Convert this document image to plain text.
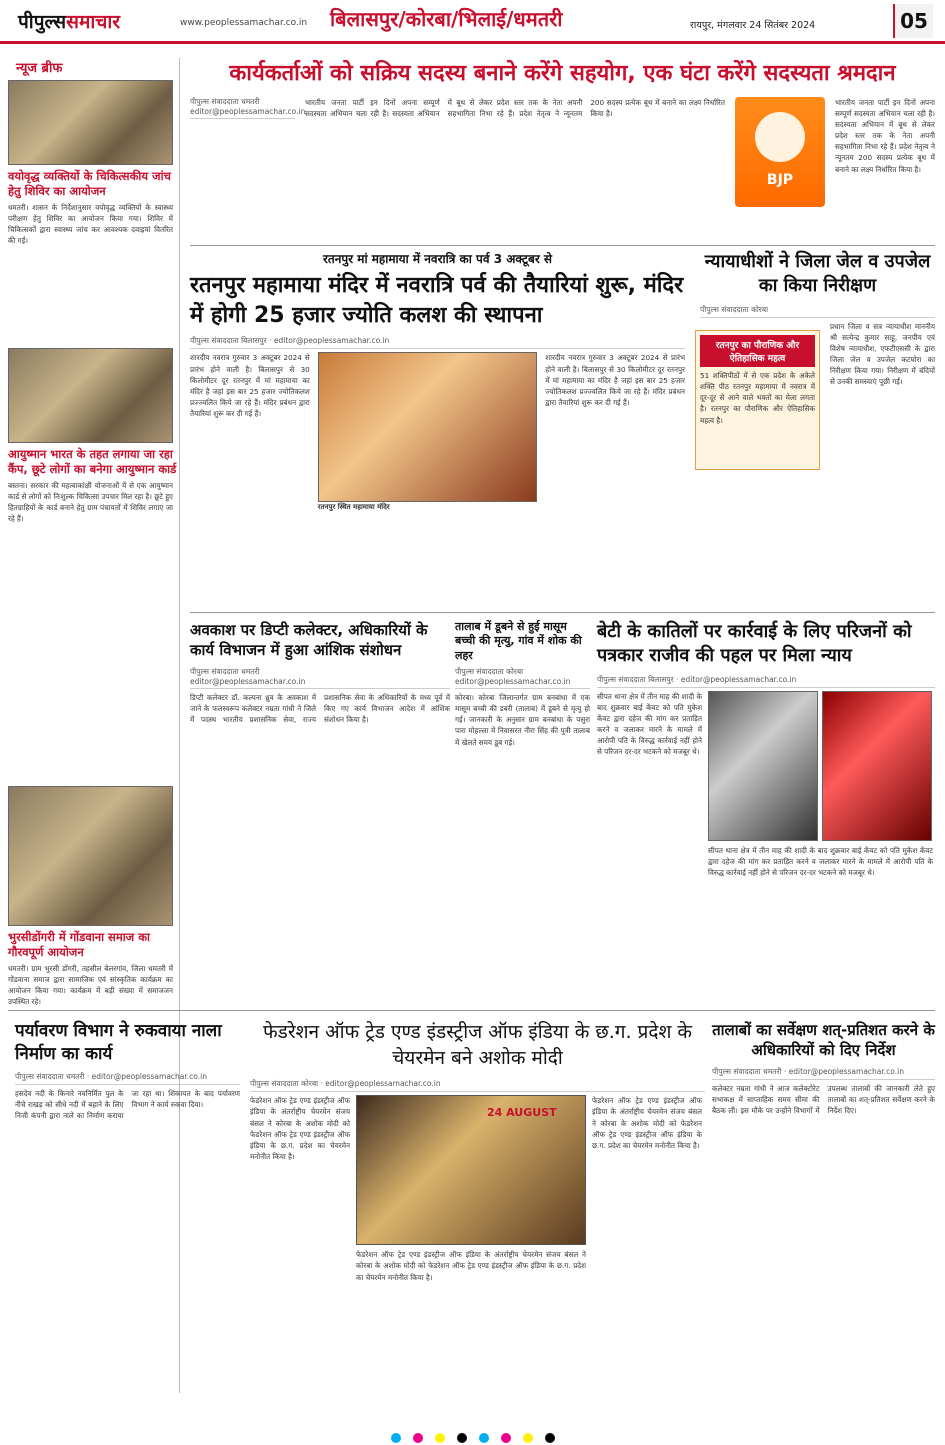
पीपुल्ससमाचार	www.peoplessamachar.co.in बिलासपुर/कोरबा/भिलाई/धमतरी	रायपुर, मंगलवार 24 सितंबर 2024	05
न्यूज ब्रीफ
वयोवृद्ध व्यक्तियों के चिकित्सकीय जांच हेतु शिविर का आयोजन
धमतरी। शासन के निर्देशानुसार वयोवृद्ध व्यक्तियों के स्वास्थ्य परीक्षण हेतु शिविर का आयोजन किया गया। शिविर में चिकित्सकों द्वारा स्वास्थ्य जांच कर आवश्यक दवाइयां वितरित की गईं।
आयुष्मान भारत के तहत लगाया जा रहा कैंप, छूटे लोगों का बनेगा आयुष्मान कार्ड
बस्तना। सरकार की महत्वाकांक्षी योजनाओं में से एक आयुष्मान कार्ड से लोगों को निःशुल्क चिकित्सा उपचार मिल रहा है। छूटे हुए हितग्राहियों के कार्ड बनाने हेतु ग्राम पंचायतों में शिविर लगाए जा रहे हैं।
भुरसीडोंगरी में गोंडवाना समाज का गौरवपूर्ण आयोजन
धमतरी। ग्राम भुरसी डोंगरी, तहसील बेलरगांव, जिला धमतरी में गोंडवाना समाज द्वारा सामाजिक एवं सांस्कृतिक कार्यक्रम का आयोजन किया गया। कार्यक्रम में बड़ी संख्या में समाजजन उपस्थित रहे।
कार्यकर्ताओं को सक्रिय सदस्य बनाने करेंगे सहयोग, एक घंटा करेंगे सदस्यता श्रमदान
पीपुल्स संवाददाता धमतरी
editor@peoplessamachar.co.in
भारतीय जनता पार्टी इन दिनों अपना सम्पूर्ण सदस्यता अभियान चला रही है। सदस्यता अभियान में बूथ से लेकर प्रदेश स्तर तक के नेता अपनी सहभागिता निभा रहे हैं। प्रदेश नेतृत्व ने न्यूनतम 200 सदस्य प्रत्येक बूथ में बनाने का लक्ष्य निर्धारित किया है।
BJP
भारतीय जनता पार्टी इन दिनों अपना सम्पूर्ण सदस्यता अभियान चला रही है। सदस्यता अभियान में बूथ से लेकर प्रदेश स्तर तक के नेता अपनी सहभागिता निभा रहे हैं। प्रदेश नेतृत्व ने न्यूनतम 200 सदस्य प्रत्येक बूथ में बनाने का लक्ष्य निर्धारित किया है।
रतनपुर मां महामाया में नवरात्रि का पर्व 3 अक्टूबर से
रतनपुर महामाया मंदिर में नवरात्रि पर्व की तैयारियां शुरू, मंदिर में होगी 25 हजार ज्योति कलश की स्थापना
पीपुल्स संवाददाता बिलासपुर · editor@peoplessamachar.co.in
शारदीय नवरात्र गुरुवार 3 अक्टूबर 2024 से प्रारंभ होने वाली है। बिलासपुर से 30 किलोमीटर दूर रतनपुर में मां महामाया का मंदिर है जहां इस बार 25 हजार ज्योतिकलश प्रज्ज्वलित किये जा रहे हैं। मंदिर प्रबंधन द्वारा तैयारियां शुरू कर दी गई हैं।
रतनपुर स्थित महामाया मंदिर
शारदीय नवरात्र गुरुवार 3 अक्टूबर 2024 से प्रारंभ होने वाली है। बिलासपुर से 30 किलोमीटर दूर रतनपुर में मां महामाया का मंदिर है जहां इस बार 25 हजार ज्योतिकलश प्रज्ज्वलित किये जा रहे हैं। मंदिर प्रबंधन द्वारा तैयारियां शुरू कर दी गई हैं।
रतनपुर का पौराणिक और ऐतिहासिक महत्व
51 शक्तिपीठों में से एक प्रदेश के अकेले शक्ति पीठ रतनपुर महामाया में नवरात्र में दूर-दूर से आने वाले भक्तों का मेला लगता है। रतनपुर का पौराणिक और ऐतिहासिक महत्व है।
न्यायाधीशों ने जिला जेल व उपजेल का किया निरीक्षण
पीपुल्स संवाददाता कोरबा
प्रधान जिला व सत्र न्यायाधीश माननीय श्री सत्येन्द्र कुमार साहू, जनपीय एवं विशेष न्यायाधीश, एफटीएससी के द्वारा जिला जेल व उपजेल कटघोरा का निरीक्षण किया गया। निरीक्षण में बंदियों से उनकी समस्याएं पूछी गईं।
अवकाश पर डिप्टी कलेक्टर, अधिकारियों के कार्य विभाजन में हुआ आंशिक संशोधन
पीपुल्स संवाददाता धमतरी
editor@peoplessamachar.co.in
डिप्टी कलेक्टर डॉ. कल्पना ध्रुव के अवकाश में जाने के फलस्वरूप कलेक्टर नम्रता गांधी ने जिले में पदस्थ भारतीय प्रशासनिक सेवा, राज्य प्रशासनिक सेवा के अधिकारियों के मध्य पूर्व में किए गए कार्य विभाजन आदेश में आंशिक संशोधन किया है।
तालाब में डूबने से हुई मासूम बच्ची की मृत्यु, गांव में शोक की लहर
पीपुल्स संवाददाता कोरबा
editor@peoplessamachar.co.in
कोरबा। कोरबा जिलान्तर्गत ग्राम बनबांधा में एक मासूम बच्ची की डबरी (तालाब) में डूबने से मृत्यु हो गई। जानकारी के अनुसार ग्राम बनबांधा के पसुरा पारा मोहल्ला में निवासरत नीरा सिंह की पुत्री तालाब में खेलते समय डूब गई।
बेटी के कातिलों पर कार्रवाई के लिए परिजनों को पत्रकार राजीव की पहल पर मिला न्याय
पीपुल्स संवाददाता बिलासपुर · editor@peoplessamachar.co.in
सीपत थाना क्षेत्र में तीन माह की शादी के बाद शुक्रवार बाई केंवट को पति मुकेश केंवट द्वारा दहेज की मांग कर प्रताड़ित करने व जलाकर मारने के मामले में आरोपी पति के विरुद्ध कार्रवाई नहीं होने से परिजन दर-दर भटकने को मजबूर थे।
सीपत थाना क्षेत्र में तीन माह की शादी के बाद शुक्रवार बाई केंवट को पति मुकेश केंवट द्वारा दहेज की मांग कर प्रताड़ित करने व जलाकर मारने के मामले में आरोपी पति के विरुद्ध कार्रवाई नहीं होने से परिजन दर-दर भटकने को मजबूर थे।
पर्यावरण विभाग ने रुकवाया नाला निर्माण का कार्य
पीपुल्स संवाददाता धमतरी · editor@peoplessamachar.co.in
हसदेव नदी के किनारे नवनिर्मित पुल के नीचे राखड़ को सीधे नदी में बहाने के लिए निजी कंपनी द्वारा नाले का निर्माण कराया जा रहा था। शिकायत के बाद पर्यावरण विभाग ने कार्य रुकवा दिया।
फेडरेशन ऑफ ट्रेड एण्ड इंडस्ट्रीज ऑफ इंडिया के छ.ग. प्रदेश के चेयरमेन बने अशोक मोदी
पीपुल्स संवाददाता कोरबा · editor@peoplessamachar.co.in
फेडरेशन ऑफ ट्रेड एण्ड इंडस्ट्रीज ऑफ इंडिया के अंतर्राष्ट्रीय चेयरमेन संजय बंसल ने कोरबा के अशोक मोदी को फेडरेशन ऑफ ट्रेड एण्ड इंडस्ट्रीज ऑफ इंडिया के छ.ग. प्रदेश का चेयरमेन मनोनीत किया है।
24 AUGUST
फेडरेशन ऑफ ट्रेड एण्ड इंडस्ट्रीज ऑफ इंडिया के अंतर्राष्ट्रीय चेयरमेन संजय बंसल ने कोरबा के अशोक मोदी को फेडरेशन ऑफ ट्रेड एण्ड इंडस्ट्रीज ऑफ इंडिया के छ.ग. प्रदेश का चेयरमेन मनोनीत किया है।
फेडरेशन ऑफ ट्रेड एण्ड इंडस्ट्रीज ऑफ इंडिया के अंतर्राष्ट्रीय चेयरमेन संजय बंसल ने कोरबा के अशोक मोदी को फेडरेशन ऑफ ट्रेड एण्ड इंडस्ट्रीज ऑफ इंडिया के छ.ग. प्रदेश का चेयरमेन मनोनीत किया है।
तालाबों का सर्वेक्षण शत्-प्रतिशत करने के अधिकारियों को दिए निर्देश
पीपुल्स संवाददाता धमतरी · editor@peoplessamachar.co.in
कलेक्टर नम्रता गांधी ने आज कलेक्टोरेट सभाकक्ष में साप्ताहिक समय सीमा की बैठक ली। इस मौके पर उन्होंने विभागों में उपलब्ध तालाबों की जानकारी लेते हुए तालाबों का शत्-प्रतिशत सर्वेक्षण करने के निर्देश दिए।
